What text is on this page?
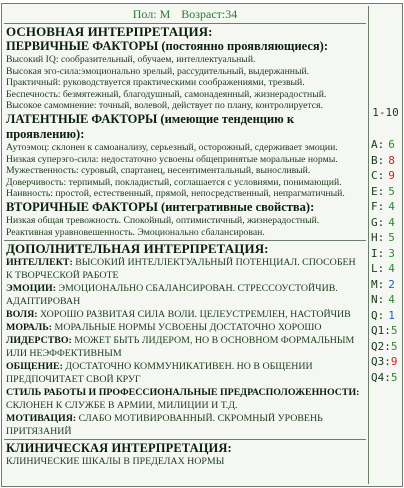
Пол: М Возраст:34
ОСНОВНАЯ ИНТЕРПРЕТАЦИЯ:
ПЕРВИЧНЫЕ ФАКТОРЫ (постоянно проявляющиеся):
Высокий IQ: сообразительный, обучаем, интеллектуальный.
Высокая эго-сила:эмоционально зрелый, рассудительный, выдержанный.
Практичный: руководствуется практическими соображениями, трезвый.
Беспечность: безмятежный, благодушный, самонадеянный, жизнерадостный.
Высокое самомнение: точный, волевой, действует по плану, контролируется.
ЛАТЕНТНЫЕ ФАКТОРЫ (имеющие тенденцию к
проявлению):
Аутоэмоц: склонен к самоанализу, серьезный, осторожный, сдерживает эмоции.
Низкая суперэго-сила: недостаточно усвоены общепринятые моральные нормы.
Мужественность: суровый, спартанец, несентиментальный, выносливый.
Доверчивость: терпимый, покладистый, соглашается с условиями, понимающий.
Наивность: простой, естественный, прямой, непосредственный, непрагматичный.
ВТОРИЧНЫЕ ФАКТОРЫ (интегративные свойства):
Низкая общая тревожность. Спокойный, оптимистичный, жизнерадостный.
Реактивная уравновешенность. Эмоционально сбалансирован.
ДОПОЛНИТЕЛЬНАЯ ИНТЕРПРЕТАЦИЯ:
ИНТЕЛЛЕКТ: ВЫСОКИЙ ИНТЕЛЛЕКТУАЛЬНЫЙ ПОТЕНЦИАЛ. СПОСОБЕН К ТВОРЧЕСКОЙ РАБОТЕ
ЭМОЦИИ: ЭМОЦИОНАЛЬНО СБАЛАНСИРОВАН. СТРЕССОУСТОЙЧИВ. АДАПТИРОВАН
ВОЛЯ: ХОРОШО РАЗВИТАЯ СИЛА ВОЛИ. ЦЕЛЕУСТРЕМЛЕН, НАСТОЙЧИВ
МОРАЛЬ: МОРАЛЬНЫЕ НОРМЫ УСВОЕНЫ ДОСТАТОЧНО ХОРОШО
ЛИДЕРСТВО: МОЖЕТ БЫТЬ ЛИДЕРОМ, НО В ОСНОВНОМ ФОРМАЛЬНЫМ ИЛИ НЕЭФФЕКТИВНЫМ
ОБЩЕНИЕ: ДОСТАТОЧНО КОММУНИКАТИВЕН. НО В ОБЩЕНИИ ПРЕДПОЧИТАЕТ СВОЙ КРУГ
СТИЛЬ РАБОТЫ И ПРОФЕССИОНАЛЬНЫЕ ПРЕДРАСПОЛОЖЕННОСТИ: СКЛОНЕН К СЛУЖБЕ В АРМИИ, МИЛИЦИИ И Т.Д.
МОТИВАЦИЯ: СЛАБО МОТИВИРОВАННЫЙ. СКРОМНЫЙ УРОВЕНЬ ПРИТЯЗАНИЙ
КЛИНИЧЕСКАЯ ИНТЕРПРЕТАЦИЯ:
КЛИНИЧЕСКИЕ ШКАЛЫ В ПРЕДЕЛАХ НОРМЫ
1-10
A: 6
B: 8
C: 9
E: 5
F: 4
G: 4
H: 5
I: 3
L: 4
M: 2
N: 4
Q: 1
Q1:5
Q2:5
Q3:9
Q4:5
